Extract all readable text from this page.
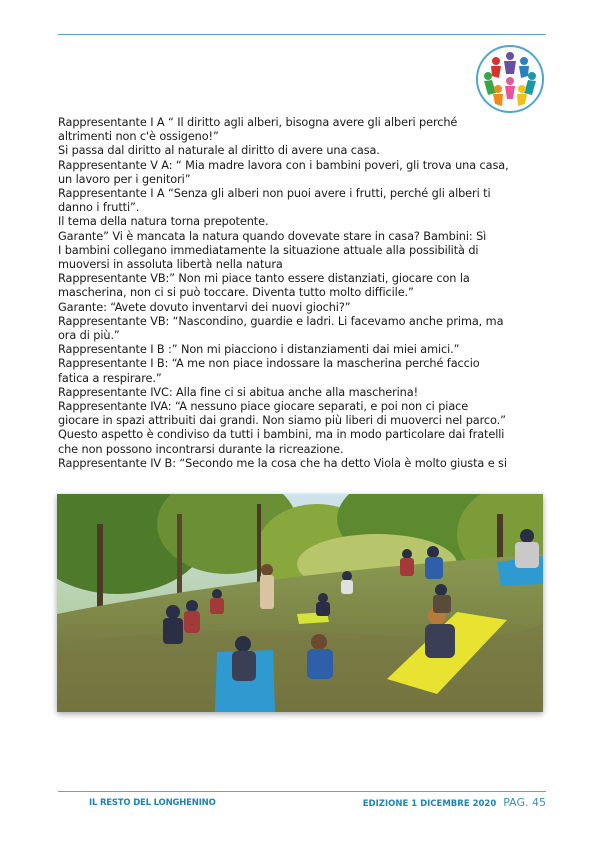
Rappresentante I A “ Il diritto agli alberi, bisogna avere gli alberi perché

altrimenti non c'è ossigeno!”

Si passa dal diritto al naturale al diritto di avere una casa.

Rappresentante V A: “ Mia madre lavora con i bambini poveri, gli trova una casa,

un lavoro per i genitori”

Rappresentante I A “Senza gli alberi non puoi avere i frutti, perché gli alberi ti

danno i frutti”.

Il tema della natura torna prepotente.

Garante” Vi è mancata la natura quando dovevate stare in casa? Bambini: Sì

I bambini collegano immediatamente la situazione attuale alla possibilità di

muoversi in assoluta libertà nella natura

Rappresentante VB:” Non mi piace tanto essere distanziati, giocare con la

mascherina, non ci si può toccare. Diventa tutto molto difficile.”

Garante: “Avete dovuto inventarvi dei nuovi giochi?”

Rappresentante VB: “Nascondino, guardie e ladri. Li facevamo anche prima, ma

ora di più.”

Rappresentante I B :” Non mi piacciono i distanziamenti dai miei amici.”

Rappresentante I B: “A me non piace indossare la mascherina perché faccio

fatica a respirare.”

Rappresentante IVC: Alla fine ci si abitua anche alla mascherina!

Rappresentante IVA: “A nessuno piace giocare separati, e poi non ci piace

giocare in spazi attribuiti dai grandi. Non siamo più liberi di muoverci nel parco.”

Questo aspetto è condiviso da tutti i bambini, ma in modo particolare dai fratelli

che non possono incontrarsi durante la ricreazione.

Rappresentante IV B: “Secondo me la cosa che ha detto Viola è molto giusta e si

IL RESTO DEL LONGHENINO	EDIZIONE 1 DICEMBRE 2020 PAG. 45
